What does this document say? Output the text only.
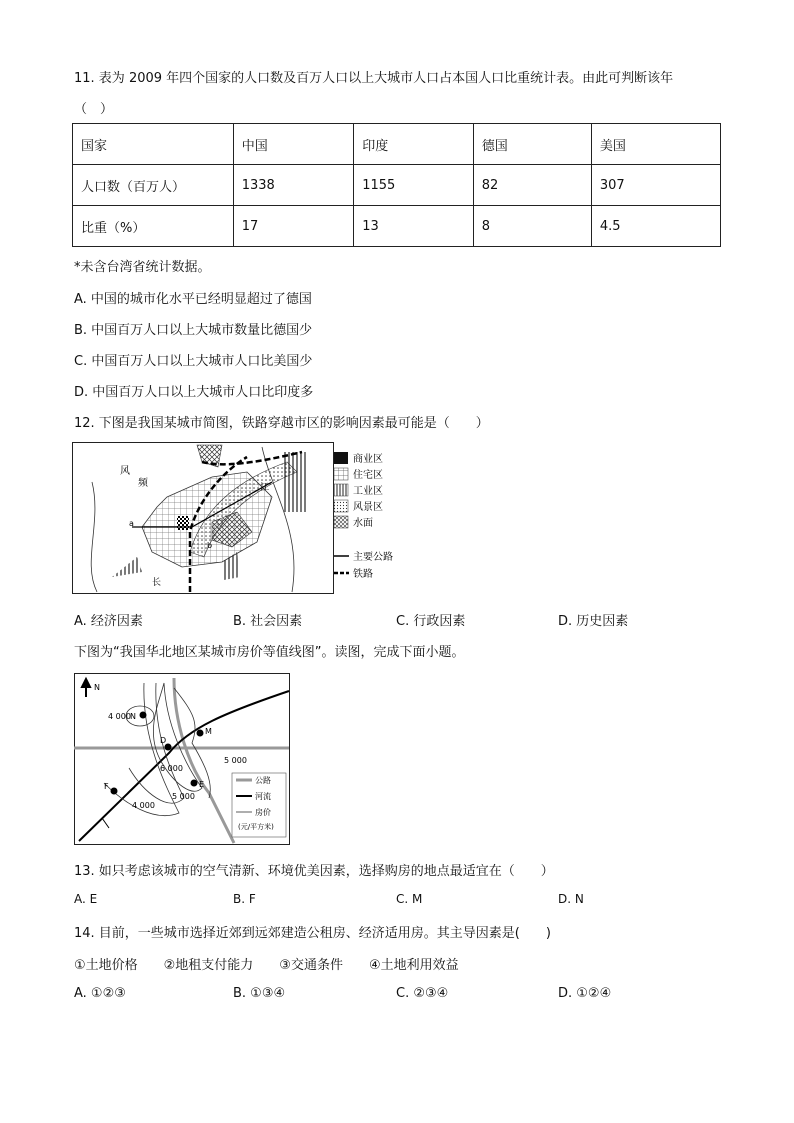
11. 表为 2009 年四个国家的人口数及百万人口以上大城市人口占本国人口比重统计表。由此可判断该年
（　）
国家	中国	印度	德国	美国
人口数（百万人）	1338	1155	82	307
比重（%）	17	13	8	4.5
*未含台湾省统计数据。
A. 中国的城市化水平已经明显超过了德国
B. 中国百万人口以上大城市数量比德国少
C. 中国百万人口以上大城市人口比美国少
D. 中国百万人口以上大城市人口比印度多
12. 下图是我国某城市简图，铁路穿越市区的影响因素最可能是（　　）
风
频	江
长
a
b
商业区
住宅区
工业区
风景区
水面
主要公路
铁路
A. 经济因素	B. 社会因素	C. 行政因素	D. 历史因素
下图为“我国华北地区某城市房价等值线图”。读图，完成下面小题。
N
4 000
5 000
6 000
5 000
4 000
N
D
M
E
F
公路
河流
房价
(元/平方米)
13. 如只考虑该城市的空气清新、环境优美因素，选择购房的地点最适宜在（　　）
A. E	B. F	C. M	D. N
14. 目前，一些城市选择近郊到远郊建造公租房、经济适用房。其主导因素是(　　)
①土地价格　　②地租支付能力　　③交通条件　　④土地利用效益
A. ①②③	B. ①③④	C. ②③④	D. ①②④
